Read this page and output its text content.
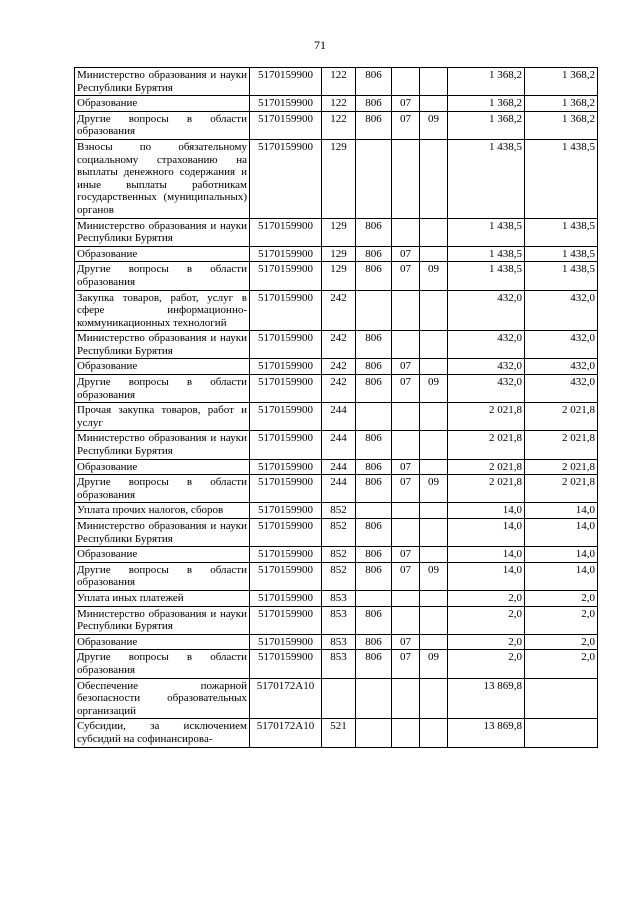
71
Министерство образования и науки Республики Бурятия	5170159900	122	806			1 368,2	1 368,2
Образование	5170159900	122	806	07		1 368,2	1 368,2
Другие вопросы в области образования	5170159900	122	806	07	09	1 368,2	1 368,2
Взносы по обязательному социальному страхованию на выплаты денежного содержания и иные выплаты работникам государственных (муниципальных) органов	5170159900	129				1 438,5	1 438,5
Министерство образования и науки Республики Бурятия	5170159900	129	806			1 438,5	1 438,5
Образование	5170159900	129	806	07		1 438,5	1 438,5
Другие вопросы в области образования	5170159900	129	806	07	09	1 438,5	1 438,5
Закупка товаров, работ, услуг в сфере информационно-коммуникационных технологий	5170159900	242				432,0	432,0
Министерство образования и науки Республики Бурятия	5170159900	242	806			432,0	432,0
Образование	5170159900	242	806	07		432,0	432,0
Другие вопросы в области образования	5170159900	242	806	07	09	432,0	432,0
Прочая закупка товаров, работ и услуг	5170159900	244				2 021,8	2 021,8
Министерство образования и науки Республики Бурятия	5170159900	244	806			2 021,8	2 021,8
Образование	5170159900	244	806	07		2 021,8	2 021,8
Другие вопросы в области образования	5170159900	244	806	07	09	2 021,8	2 021,8
Уплата прочих налогов, сборов	5170159900	852				14,0	14,0
Министерство образования и науки Республики Бурятия	5170159900	852	806			14,0	14,0
Образование	5170159900	852	806	07		14,0	14,0
Другие вопросы в области образования	5170159900	852	806	07	09	14,0	14,0
Уплата иных платежей	5170159900	853				2,0	2,0
Министерство образования и науки Республики Бурятия	5170159900	853	806			2,0	2,0
Образование	5170159900	853	806	07		2,0	2,0
Другие вопросы в области образования	5170159900	853	806	07	09	2,0	2,0
Обеспечение пожарной безопасности образовательных организаций	5170172A10					13 869,8	
Субсидии, за исключением субсидий на софинансирова-	5170172A10	521				13 869,8	
